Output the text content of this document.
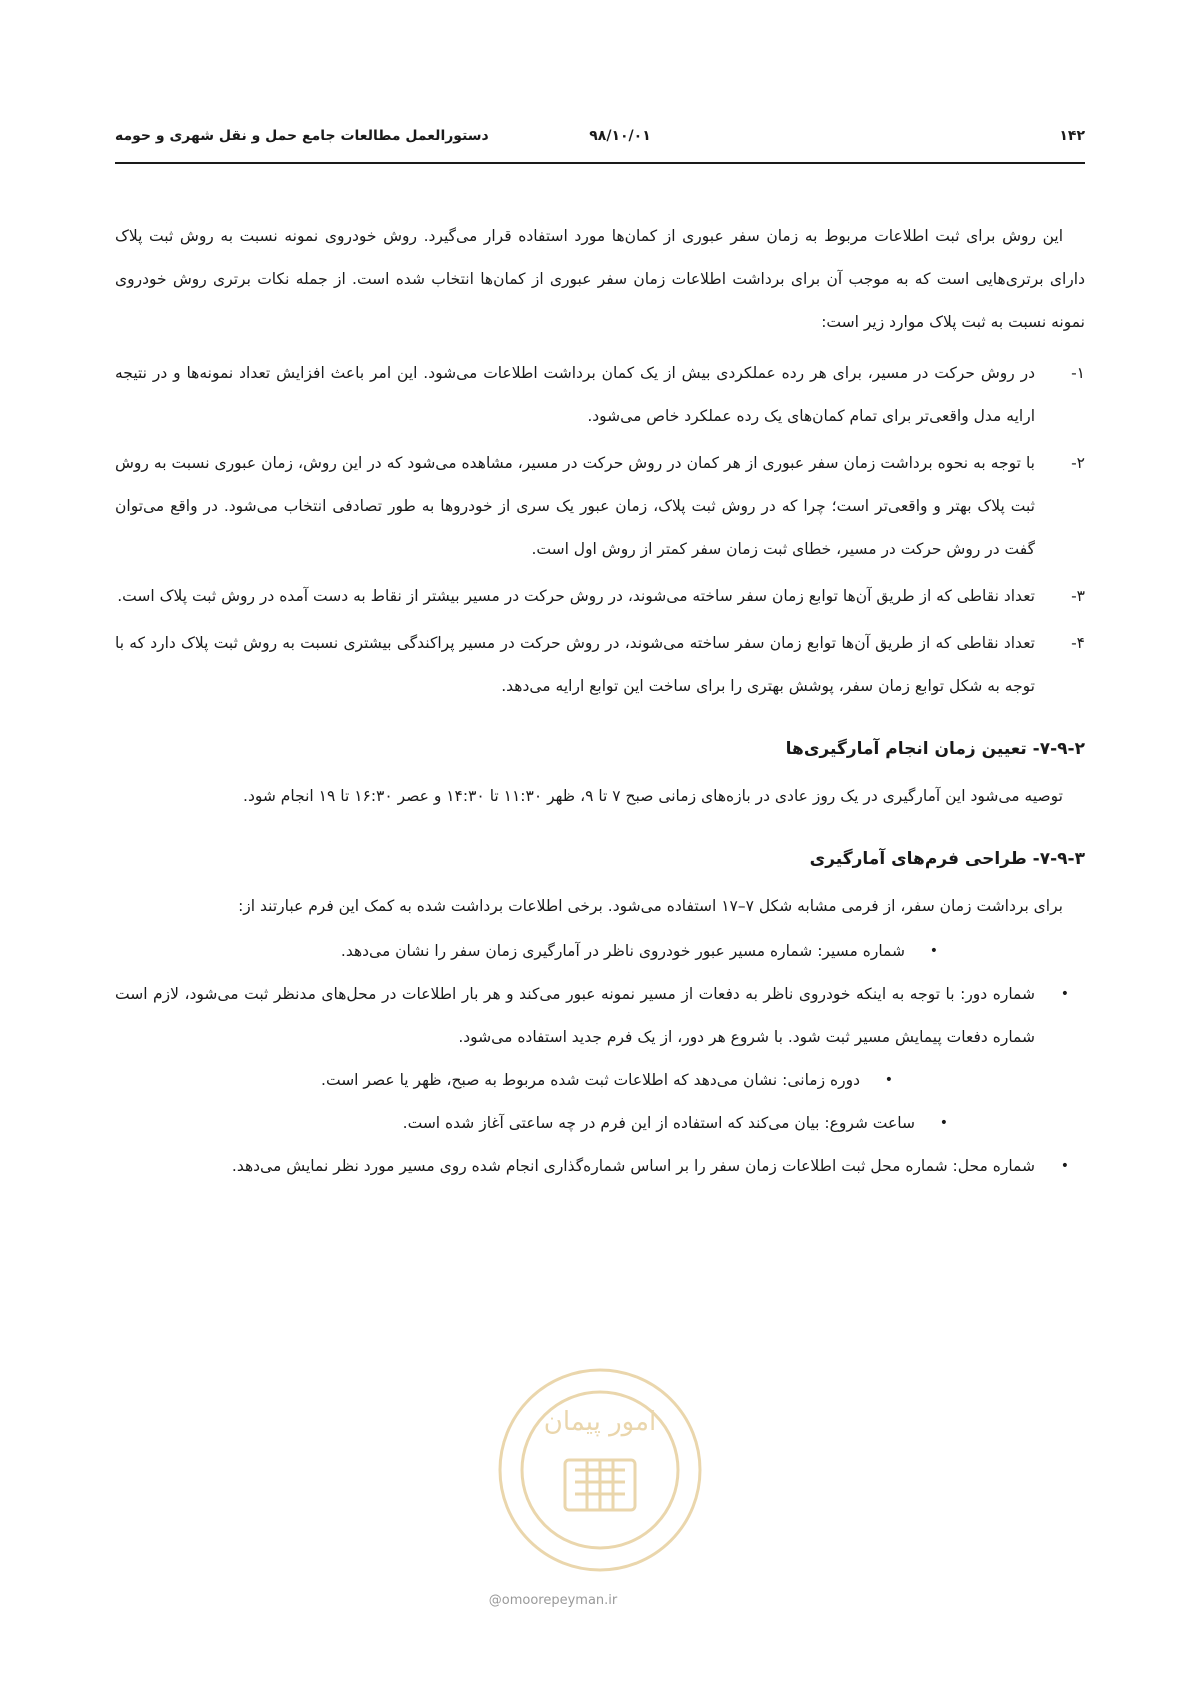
۱۴۲
۹۸/۱۰/۰۱
دستورالعمل مطالعات جامع حمل و نقل شهری و حومه

این روش برای ثبت اطلاعات مربوط به زمان سفر عبوری از کمان‌ها مورد استفاده قرار می‌گیرد. روش خودروی نمونه نسبت به روش ثبت پلاک دارای برتری‌هایی است که به موجب آن برای برداشت اطلاعات زمان سفر عبوری از کمان‌ها انتخاب شده است. از جمله نکات برتری روش خودروی نمونه نسبت به ثبت پلاک موارد زیر است:

۱-
در روش حرکت در مسیر، برای هر رده عملکردی بیش از یک کمان برداشت اطلاعات می‌شود. این امر باعث افزایش تعداد نمونه‌ها و در نتیجه ارایه مدل واقعی‌تر برای تمام کمان‌های یک رده عملکرد خاص می‌شود.
۲-
با توجه به نحوه برداشت زمان سفر عبوری از هر کمان در روش حرکت در مسیر، مشاهده می‌شود که در این روش، زمان عبوری نسبت به روش ثبت پلاک بهتر و واقعی‌تر است؛ چرا که در روش ثبت پلاک، زمان عبور یک سری از خودروها به طور تصادفی انتخاب می‌شود. در واقع می‌توان گفت در روش حرکت در مسیر، خطای ثبت زمان سفر کمتر از روش اول است.
۳-
تعداد نقاطی که از طریق آن‌ها توابع زمان سفر ساخته می‌شوند، در روش حرکت در مسیر بیشتر از نقاط به دست آمده در روش ثبت پلاک است.
۴-
تعداد نقاطی که از طریق آن‌ها توابع زمان سفر ساخته می‌شوند، در روش حرکت در مسیر پراکندگی بیشتری نسبت به روش ثبت پلاک دارد که با توجه به شکل توابع زمان سفر، پوشش بهتری را برای ساخت این توابع ارایه می‌دهد.
۷-۹-۲- تعیین زمان انجام آمارگیری‌ها

توصیه می‌شود این آمارگیری در یک روز عادی در بازه‌های زمانی صبح ۷ تا ۹، ظهر ۱۱:۳۰ تا ۱۴:۳۰ و عصر ۱۶:۳۰ تا ۱۹ انجام شود.

۷-۹-۳- طراحی فرم‌های آمارگیری

برای برداشت زمان سفر، از فرمی مشابه شکل ۷–۱۷ استفاده می‌شود. برخی اطلاعات برداشت شده به کمک این فرم عبارتند از:

•
شماره مسیر: شماره مسیر عبور خودروی ناظر در آمارگیری زمان سفر را نشان می‌دهد.
•
شماره دور: با توجه به اینکه خودروی ناظر به دفعات از مسیر نمونه عبور می‌کند و هر بار اطلاعات در محل‌های مدنظر ثبت می‌شود، لازم است شماره دفعات پیمایش مسیر ثبت شود. با شروع هر دور، از یک فرم جدید استفاده می‌شود.
•
دوره زمانی: نشان می‌دهد که اطلاعات ثبت شده مربوط به صبح، ظهر یا عصر است.
•
ساعت شروع: بیان می‌کند که استفاده از این فرم در چه ساعتی آغاز شده است.
•
شماره محل: شماره محل ثبت اطلاعات زمان سفر را بر اساس شماره‌گذاری انجام شده روی مسیر مورد نظر نمایش می‌دهد.
امور پیمان
@omoorepeyman.ir
